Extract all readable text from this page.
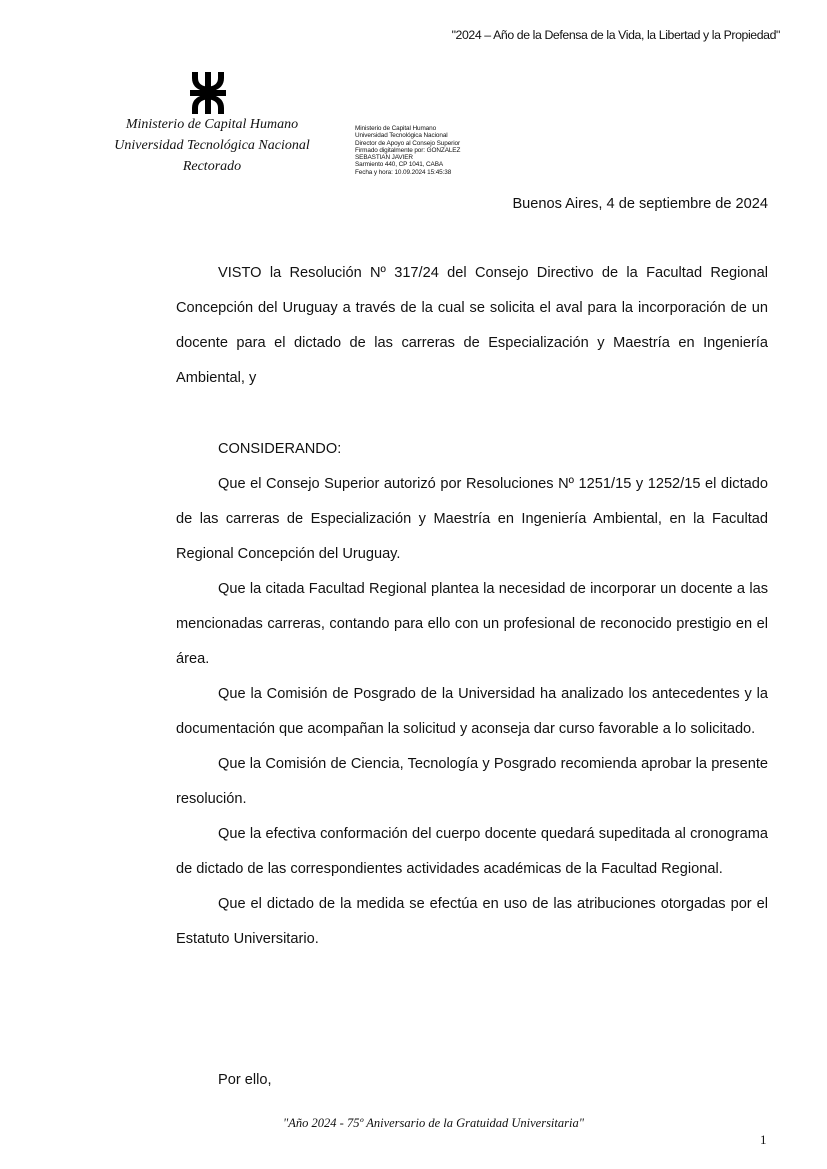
"2024 – Año de la Defensa de la Vida, la Libertad y la Propiedad"
Ministerio de Capital Humano
Universidad Tecnológica Nacional
Rectorado
Ministerio de Capital Humano
Universidad Tecnológica Nacional
Director de Apoyo al Consejo Superior
Firmado digitalmente por: GONZALEZ
SEBASTIAN JAVIER
Sarmiento 440, CP 1041, CABA
Fecha y hora: 10.09.2024 15:45:38
Buenos Aires, 4 de septiembre de 2024

VISTO la Resolución Nº 317/24 del Consejo Directivo de la Facultad Regional Concepción del Uruguay a través de la cual se solicita el aval para la incorporación de un docente para el dictado de las carreras de Especialización y Maestría en Ingeniería Ambiental, y

CONSIDERANDO:

Que el Consejo Superior autorizó por Resoluciones Nº 1251/15 y 1252/15 el dictado de las carreras de Especialización y Maestría en Ingeniería Ambiental, en la Facultad Regional Concepción del Uruguay.

Que la citada Facultad Regional plantea la necesidad de incorporar un docente a las mencionadas carreras, contando para ello con un profesional de reconocido prestigio en el área.

Que la Comisión de Posgrado de la Universidad ha analizado los antecedentes y la documentación que acompañan la solicitud y aconseja dar curso favorable a lo solicitado.

Que la Comisión de Ciencia, Tecnología y Posgrado recomienda aprobar la presente resolución.

Que la efectiva conformación del cuerpo docente quedará supeditada al cronograma de dictado de las correspondientes actividades académicas de la Facultad Regional.

Que el dictado de la medida se efectúa en uso de las atribuciones otorgadas por el Estatuto Universitario.

Por ello,
"Año 2024 - 75º Aniversario de la Gratuidad Universitaria"
1
